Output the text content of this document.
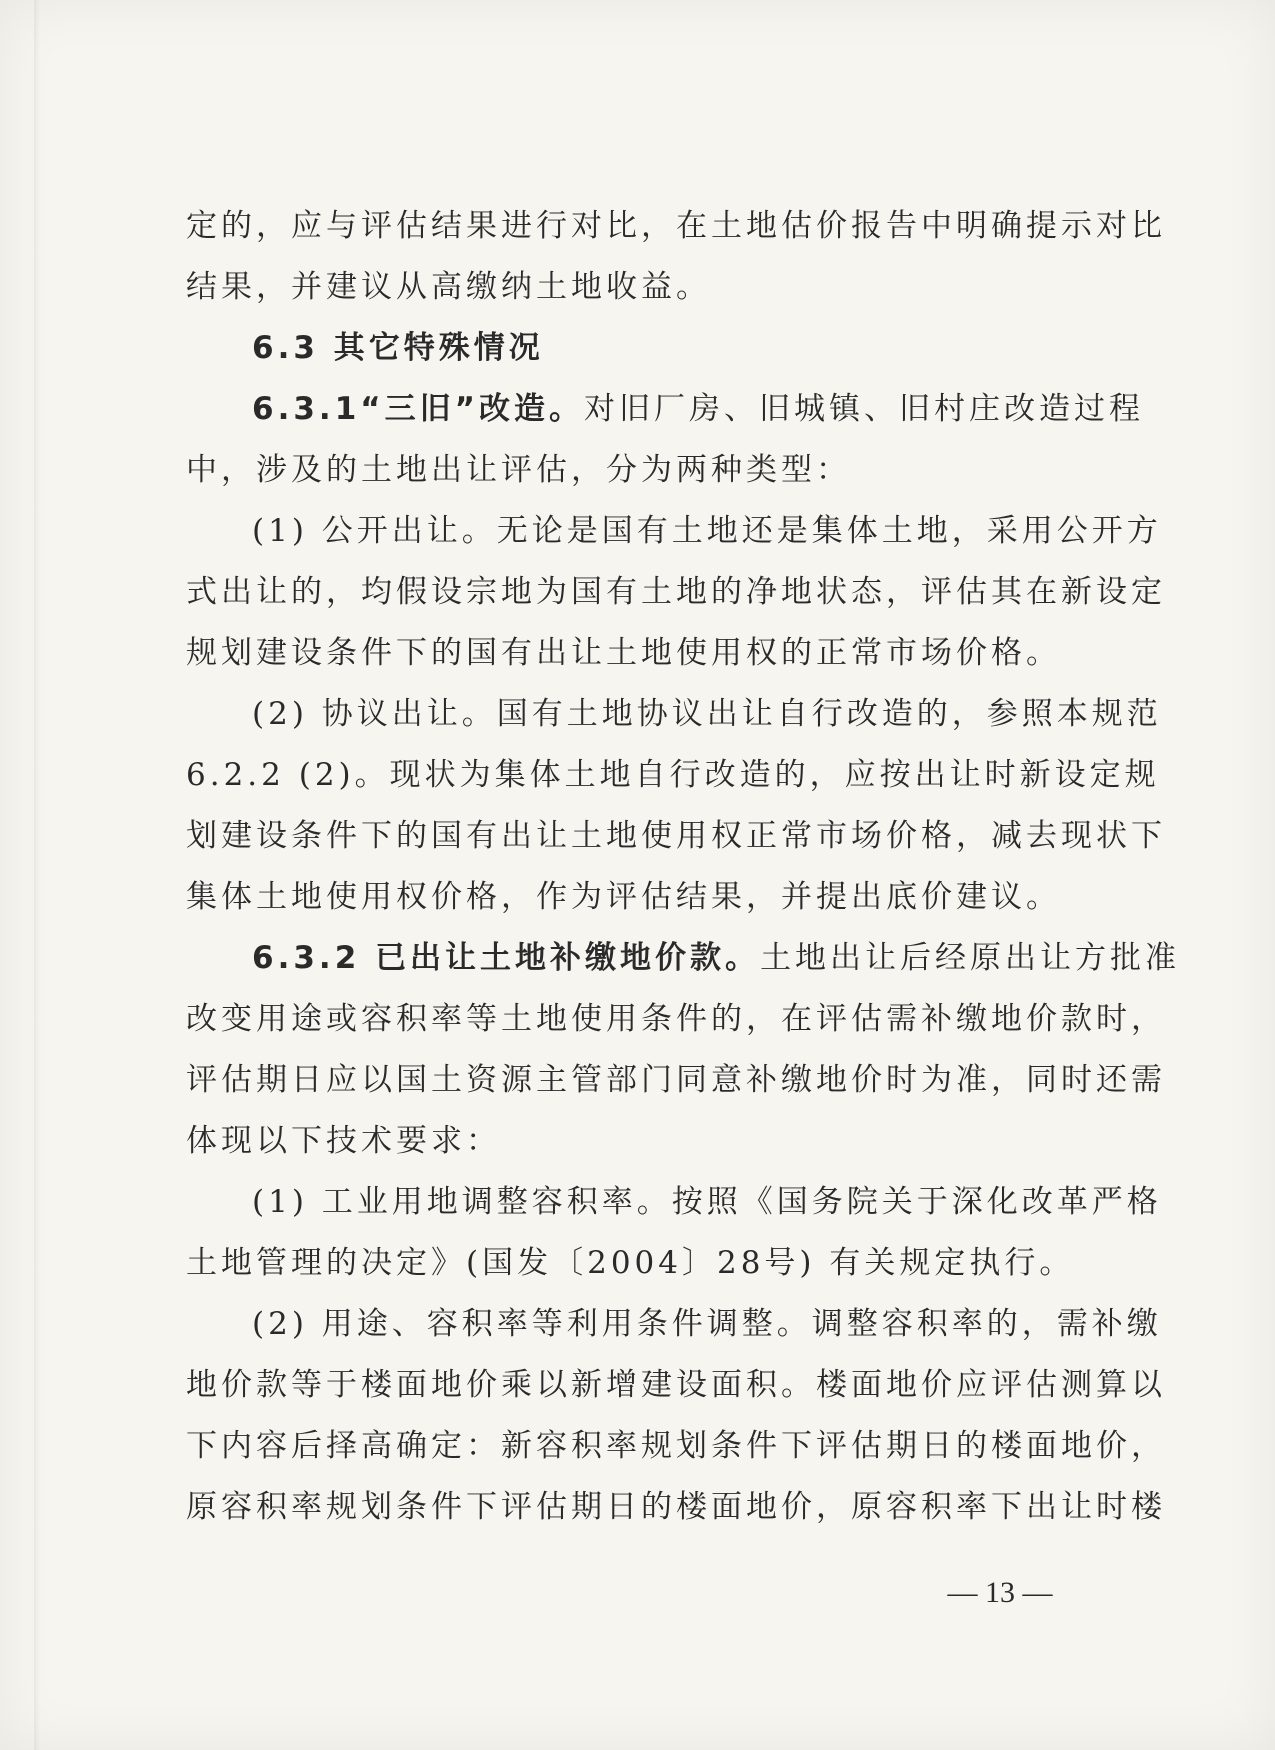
定的，应与评估结果进行对比，在土地估价报告中明确提示对比
结果，并建议从高缴纳土地收益。
6.3 其它特殊情况
6.3.1“三旧”改造。对旧厂房、旧城镇、旧村庄改造过程
中，涉及的土地出让评估，分为两种类型：
(1) 公开出让。无论是国有土地还是集体土地，采用公开方
式出让的，均假设宗地为国有土地的净地状态，评估其在新设定
规划建设条件下的国有出让土地使用权的正常市场价格。
(2) 协议出让。国有土地协议出让自行改造的，参照本规范
6.2.2 (2)。现状为集体土地自行改造的，应按出让时新设定规
划建设条件下的国有出让土地使用权正常市场价格，减去现状下
集体土地使用权价格，作为评估结果，并提出底价建议。
6.3.2 已出让土地补缴地价款。土地出让后经原出让方批准
改变用途或容积率等土地使用条件的，在评估需补缴地价款时，
评估期日应以国土资源主管部门同意补缴地价时为准，同时还需
体现以下技术要求：
(1) 工业用地调整容积率。按照《国务院关于深化改革严格
土地管理的决定》(国发〔2004〕28号) 有关规定执行。
(2) 用途、容积率等利用条件调整。调整容积率的，需补缴
地价款等于楼面地价乘以新增建设面积。楼面地价应评估测算以
下内容后择高确定：新容积率规划条件下评估期日的楼面地价，
原容积率规划条件下评估期日的楼面地价，原容积率下出让时楼
— 13 —
